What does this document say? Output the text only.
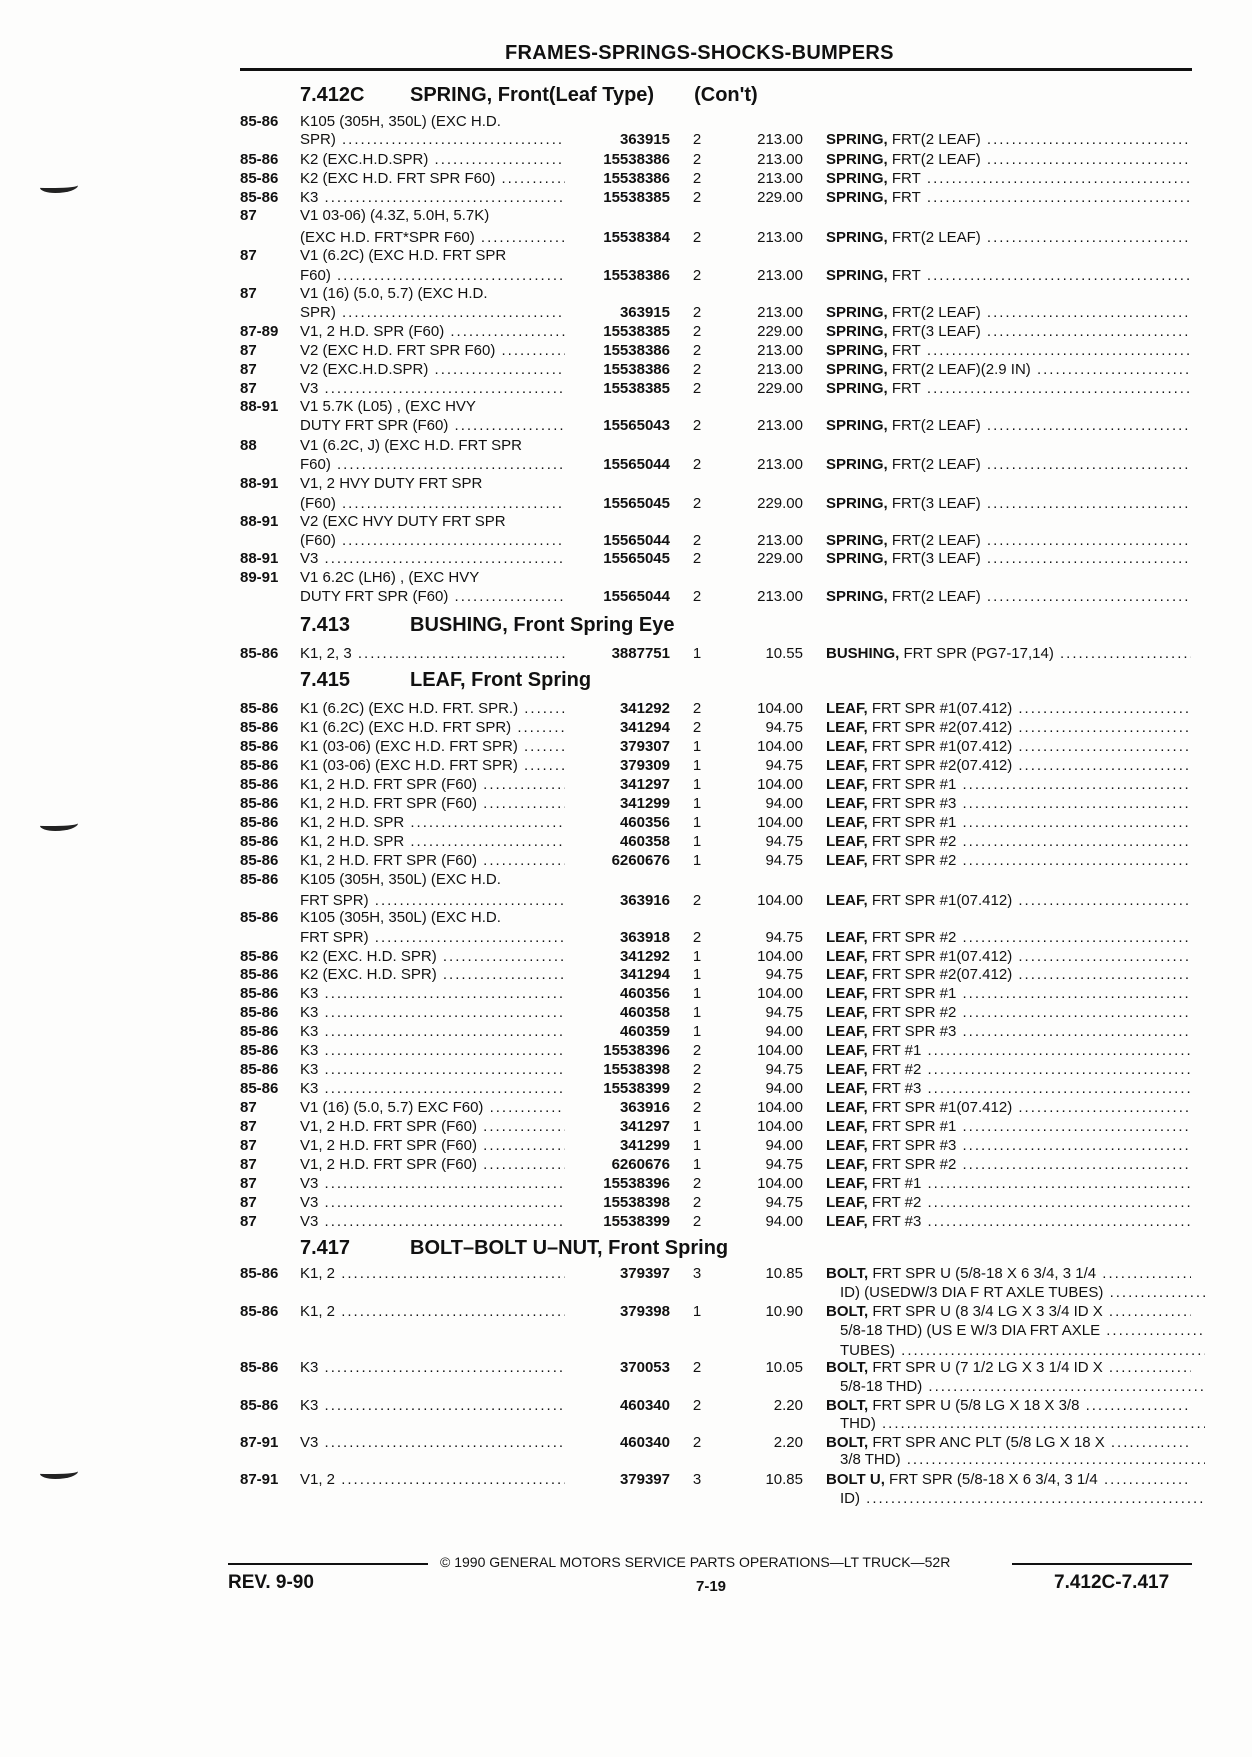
FRAMES-SPRINGS-SHOCKS-BUMPERS
7.412C SPRING, Front(Leaf Type) (Con't)
7.413	BUSHING, Front Spring Eye
7.415	LEAF, Front Spring
7.417	BOLT–BOLT U–NUT, Front Spring
85-86 K105 (305H, 350L) (EXC H.D.
SPR) .....	363915 2	213.00 SPRING, FRT(2 LEAF) .....
85-86 K2 (EXC.H.D.SPR) .....	15538386 2	213.00 SPRING, FRT(2 LEAF) .....
85-86 K2 (EXC H.D. FRT SPR F60) .....	15538386 2	213.00 SPRING, FRT .....
85-86 K3 .....	15538385 2	229.00 SPRING, FRT .....
87	V1 03-06) (4.3Z, 5.0H, 5.7K)
(EXC H.D. FRT*SPR F60) .....	15538384 2	213.00 SPRING, FRT(2 LEAF) .....
87	V1 (6.2C) (EXC H.D. FRT SPR
F60) .....	15538386 2	213.00 SPRING, FRT .....
87	V1 (16) (5.0, 5.7) (EXC H.D.
SPR) .....	363915 2	213.00 SPRING, FRT(2 LEAF) .....
87-89 V1, 2 H.D. SPR (F60) .....	15538385 2	229.00 SPRING, FRT(3 LEAF) .....
87	V2 (EXC H.D. FRT SPR F60) .....	15538386 2	213.00 SPRING, FRT .....
87	V2 (EXC.H.D.SPR) .....	15538386 2	213.00 SPRING, FRT(2 LEAF)(2.9 IN) .....
87	V3 .....	15538385 2	229.00 SPRING, FRT .....
88-91 V1 5.7K (L05) , (EXC HVY
DUTY FRT SPR (F60) .....	15565043 2	213.00 SPRING, FRT(2 LEAF) .....
88	V1 (6.2C, J) (EXC H.D. FRT SPR
F60) .....	15565044 2	213.00 SPRING, FRT(2 LEAF) .....
88-91 V1, 2 HVY DUTY FRT SPR
(F60) .....	15565045 2	229.00 SPRING, FRT(3 LEAF) .....
88-91 V2 (EXC HVY DUTY FRT SPR
(F60) .....	15565044 2	213.00 SPRING, FRT(2 LEAF) .....
88-91 V3 .....	15565045 2	229.00 SPRING, FRT(3 LEAF) .....
89-91 V1 6.2C (LH6) , (EXC HVY
DUTY FRT SPR (F60) .....	15565044 2	213.00 SPRING, FRT(2 LEAF) .....
85-86 K1, 2, 3 .....	3887751 1	10.55 BUSHING, FRT SPR (PG7-17,14) .....
85-86 K1 (6.2C) (EXC H.D. FRT. SPR.) .....	341292 2	104.00 LEAF, FRT SPR #1(07.412) .....
85-86 K1 (6.2C) (EXC H.D. FRT SPR) .....	341294 2	94.75 LEAF, FRT SPR #2(07.412) .....
85-86 K1 (03-06) (EXC H.D. FRT SPR) .....	379307 1	104.00 LEAF, FRT SPR #1(07.412) .....
85-86 K1 (03-06) (EXC H.D. FRT SPR) .....	379309 1	94.75 LEAF, FRT SPR #2(07.412) .....
85-86 K1, 2 H.D. FRT SPR (F60) .....	341297 1	104.00 LEAF, FRT SPR #1 .....
85-86 K1, 2 H.D. FRT SPR (F60) .....	341299 1	94.00 LEAF, FRT SPR #3 .....
85-86 K1, 2 H.D. SPR .....	460356 1	104.00 LEAF, FRT SPR #1 .....
85-86 K1, 2 H.D. SPR .....	460358 1	94.75 LEAF, FRT SPR #2 .....
85-86 K1, 2 H.D. FRT SPR (F60) .....	6260676 1	94.75 LEAF, FRT SPR #2 .....
85-86 K105 (305H, 350L) (EXC H.D.
FRT SPR) .....	363916 2	104.00 LEAF, FRT SPR #1(07.412) .....
85-86 K105 (305H, 350L) (EXC H.D.
FRT SPR) .....	363918 2	94.75 LEAF, FRT SPR #2 .....
85-86 K2 (EXC. H.D. SPR) .....	341292 1	104.00 LEAF, FRT SPR #1(07.412) .....
85-86 K2 (EXC. H.D. SPR) .....	341294 1	94.75 LEAF, FRT SPR #2(07.412) .....
85-86 K3 .....	460356 1	104.00 LEAF, FRT SPR #1 .....
85-86 K3 .....	460358 1	94.75 LEAF, FRT SPR #2 .....
85-86 K3 .....	460359 1	94.00 LEAF, FRT SPR #3 .....
85-86 K3 .....	15538396 2	104.00 LEAF, FRT #1 .....
85-86 K3 .....	15538398 2	94.75 LEAF, FRT #2 .....
85-86 K3 .....	15538399 2	94.00 LEAF, FRT #3 .....
87	V1 (16) (5.0, 5.7) EXC F60) .....	363916 2	104.00 LEAF, FRT SPR #1(07.412) .....
87	V1, 2 H.D. FRT SPR (F60) .....	341297 1	104.00 LEAF, FRT SPR #1 .....
87	V1, 2 H.D. FRT SPR (F60) .....	341299 1	94.00 LEAF, FRT SPR #3 .....
87	V1, 2 H.D. FRT SPR (F60) .....	6260676 1	94.75 LEAF, FRT SPR #2 .....
87	V3 .....	15538396 2	104.00 LEAF, FRT #1 .....
87	V3 .....	15538398 2	94.75 LEAF, FRT #2 .....
87	V3 .....	15538399 2	94.00 LEAF, FRT #3 .....
85-86 K1, 2 .....	379397 3	10.85 BOLT, FRT SPR U (5/8-18 X 6 3/4, 3 1/4 .....
ID) (USEDW/3 DIA F RT AXLE TUBES) .....
85-86 K1, 2 .....	379398 1	10.90 BOLT, FRT SPR U (8 3/4 LG X 3 3/4 ID X .....
5/8-18 THD) (US E W/3 DIA FRT AXLE .....
TUBES) .....
85-86 K3 .....	370053 2	10.05 BOLT, FRT SPR U (7 1/2 LG X 3 1/4 ID X .....
5/8-18 THD) .....
85-86 K3 .....	460340 2	2.20 BOLT, FRT SPR U (5/8 LG X 18 X 3/8 .....
THD) .....
87-91 V3 .....	460340 2	2.20 BOLT, FRT SPR ANC PLT (5/8 LG X 18 X .....
3/8 THD) .....
87-91 V1, 2 .....	379397 3	10.85 BOLT U, FRT SPR (5/8-18 X 6 3/4, 3 1/4 .....
ID) .....
© 1990 GENERAL MOTORS SERVICE PARTS OPERATIONS—LT TRUCK—52R
REV. 9-90	7-19	7.412C-7.417
